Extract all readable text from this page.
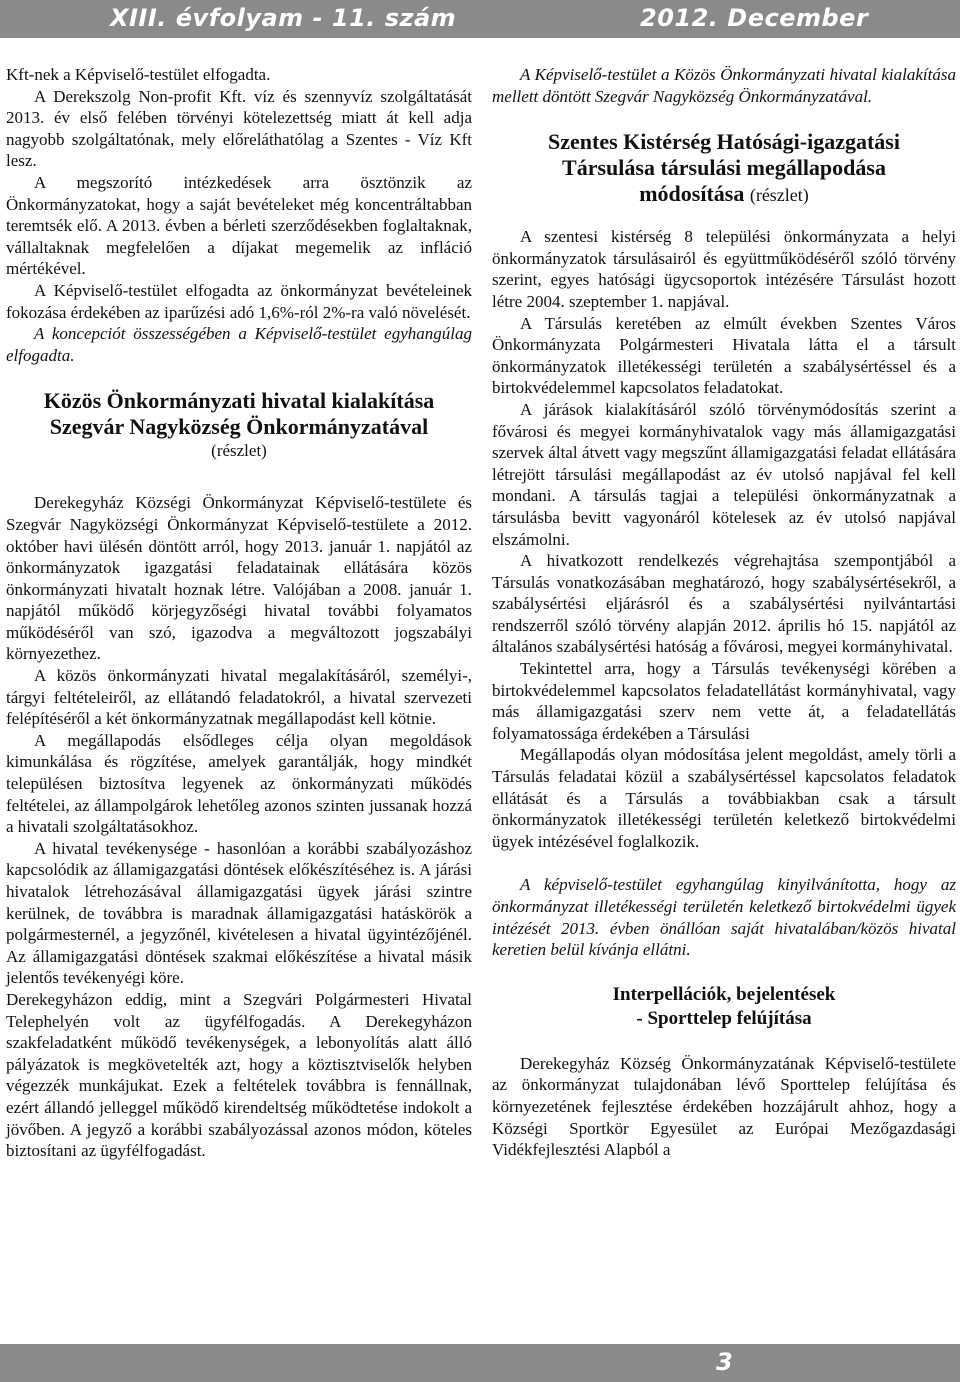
XIII. évfolyam - 11. szám	2012. December

Kft-nek a Képviselő-testület elfogadta.

A Derekszolg Non-profit Kft. víz és szennyvíz szolgáltatását 2013. év első felében törvényi kötelezettség miatt át kell adja nagyobb szolgáltatónak, mely előreláthatólag a Szentes - Víz Kft lesz.

A megszorító intézkedések arra ösztönzik az Önkormányzatokat, hogy a saját bevételeket még koncentráltabban teremtsék elő. A 2013. évben a bérleti szerződésekben foglaltaknak, vállaltaknak megfelelően a díjakat megemelik az infláció mértékével.

A Képviselő-testület elfogadta az önkormányzat bevételeinek fokozása érdekében az iparűzési adó 1,6%-ról 2%-ra való növelését.

A koncepciót összességében a Képviselő-testület egyhangúlag elfogadta.

Közös Önkormányzati hivatal kialakítása

Szegvár Nagyközség Önkormányzatával

(részlet)

Derekegyház Községi Önkormányzat Képviselő-testülete és Szegvár Nagyközségi Önkormányzat Képviselő-testülete a 2012. október havi ülésén döntött arról, hogy 2013. január 1. napjától az önkormányzatok igazgatási feladatainak ellátására közös önkormányzati hivatalt hoznak létre. Valójában a 2008. január 1. napjától működő körjegyzőségi hivatal további folyamatos működéséről van szó, igazodva a megváltozott jogszabályi környezethez.

A közös önkormányzati hivatal megalakításáról, személyi-, tárgyi feltételeiről, az ellátandó feladatokról, a hivatal szervezeti felépítéséről a két önkormányzatnak megállapodást kell kötnie.

A megállapodás elsődleges célja olyan megoldások kimunkálása és rögzítése, amelyek garantálják, hogy mindkét településen biztosítva legyenek az önkormányzati működés feltételei, az állampolgárok lehetőleg azonos szinten jussanak hozzá a hivatali szolgáltatásokhoz.

A hivatal tevékenysége - hasonlóan a korábbi szabályozáshoz kapcsolódik az államigazgatási döntések előkészítéséhez is. A járási hivatalok létrehozásával államigazgatási ügyek járási szintre kerülnek, de továbbra is maradnak államigazgatási hatáskörök a polgármesternél, a jegyzőnél, kivételesen a hivatal ügyintézőjénél. Az államigazgatási döntések szakmai előkészítése a hivatal másik jelentős tevékenyégi köre.

Derekegyházon eddig, mint a Szegvári Polgármesteri Hivatal Telephelyén volt az ügyfélfogadás. A Derekegyházon szakfeladatként működő tevékenységek, a lebonyolítás alatt álló pályázatok is megkövetelték azt, hogy a köztisztviselők helyben végezzék munkájukat. Ezek a feltételek továbbra is fennállnak, ezért állandó jelleggel működő kirendeltség működtetése indokolt a jövőben. A jegyző a korábbi szabályozással azonos módon, köteles biztosítani az ügyfélfogadást.

A Képviselő-testület a Közös Önkormányzati hivatal kialakítása mellett döntött Szegvár Nagyközség Önkormányzatával.

Szentes Kistérség Hatósági-igazgatási

Társulása társulási megállapodása

módosítása (részlet)

A szentesi kistérség 8 települési önkormányzata a helyi önkormányzatok társulásairól és együttműködéséről szóló törvény szerint, egyes hatósági ügycsoportok intézésére Társulást hozott létre 2004. szeptember 1. napjával.

A Társulás keretében az elmúlt években Szentes Város Önkormányzata Polgármesteri Hivatala látta el a társult önkormányzatok illetékességi területén a szabálysértéssel és a birtokvédelemmel kapcsolatos feladatokat.

A járások kialakításáról szóló törvénymódosítás szerint a fővárosi és megyei kormányhivatalok vagy más államigazgatási szervek által átvett vagy megszűnt államigazgatási feladat ellátására létrejött társulási megállapodást az év utolsó napjával fel kell mondani. A társulás tagjai a települési önkormányzatnak a társulásba bevitt vagyonáról kötelesek az év utolsó napjával elszámolni.

A hivatkozott rendelkezés végrehajtása szempontjából a Társulás vonatkozásában meghatározó, hogy szabálysértésekről, a szabálysértési eljárásról és a szabálysértési nyilvántartási rendszerről szóló törvény alapján 2012. április hó 15. napjától az általános szabálysértési hatóság a fővárosi, megyei kormányhivatal.

Tekintettel arra, hogy a Társulás tevékenységi körében a birtokvédelemmel kapcsolatos feladatellátást kormányhivatal, vagy más államigazgatási szerv nem vette át, a feladatellátás folyamatossága érdekében a Társulási

Megállapodás olyan módosítása jelent megoldást, amely törli a Társulás feladatai közül a szabálysértéssel kapcsolatos feladatok ellátását és a Társulás a továbbiakban csak a társult önkormányzatok illetékességi területén keletkező birtokvédelmi ügyek intézésével foglalkozik.

A képviselő-testület egyhangúlag kinyilvánította, hogy az önkormányzat illetékességi területén keletkező birtokvédelmi ügyek intézését 2013. évben önállóan saját hivatalában/közös hivatal keretien belül kívánja ellátni.

Interpellációk, bejelentések

- Sporttelep felújítása

Derekegyház Község Önkormányzatának Képviselő-testülete az önkormányzat tulajdonában lévő Sporttelep felújítása és környezetének fejlesztése érdekében hozzájárult ahhoz, hogy a Községi Sportkör Egyesület az Európai Mezőgazdasági Vidékfejlesztési Alapból a

3
